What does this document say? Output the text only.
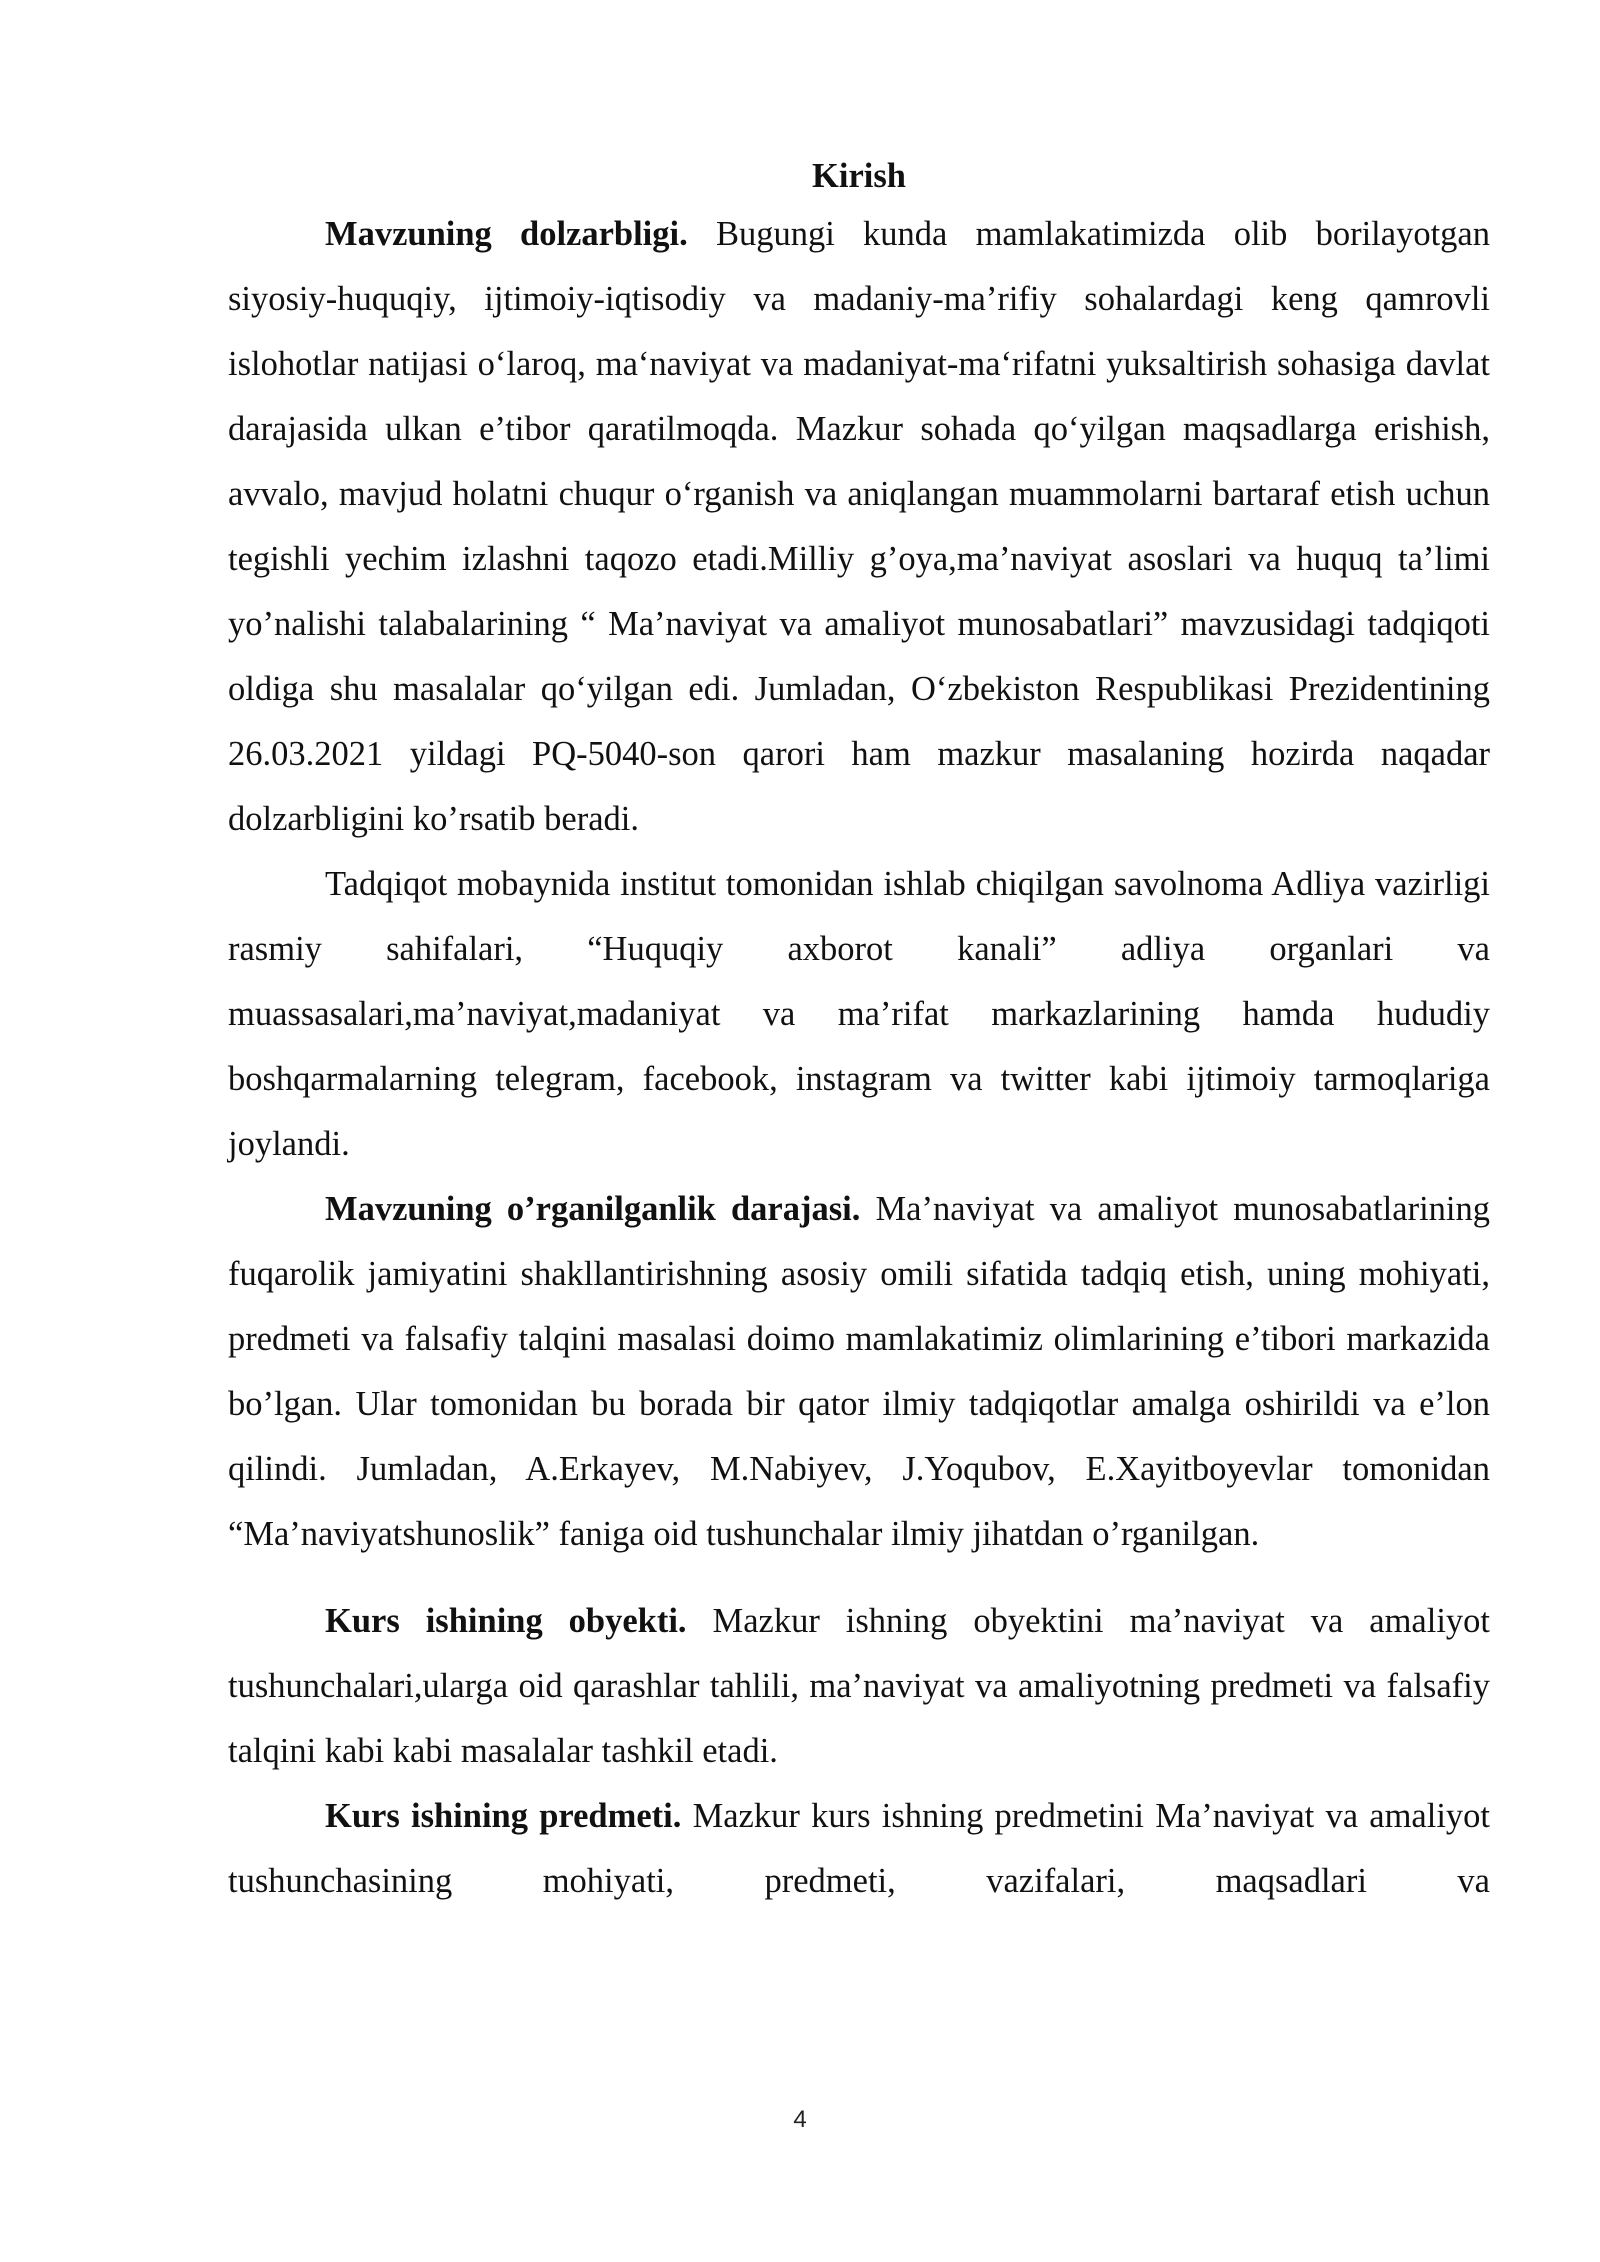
Kirish

Mavzuning dolzarbligi. Bugungi kunda mamlakatimizda olib borilayotgan siyosiy-huquqiy, ijtimoiy-iqtisodiy va madaniy-ma’rifiy sohalardagi keng qamrovli islohotlar natijasi o‘laroq, ma‘naviyat va madaniyat-ma‘rifatni yuksaltirish sohasiga davlat darajasida ulkan e’tibor qaratilmoqda. Mazkur sohada qo‘yilgan maqsadlarga erishish, avvalo, mavjud holatni chuqur o‘rganish va aniqlangan muammolarni bartaraf etish uchun tegishli yechim izlashni taqozo etadi.Milliy g’oya,ma’naviyat asoslari va huquq ta’limi yo’nalishi talabalarining “ Ma’naviyat va amaliyot munosabatlari” mavzusidagi tadqiqoti oldiga shu masalalar qo‘yilgan edi. Jumladan, O‘zbekiston Respublikasi Prezidentining 26.03.2021 yildagi PQ-5040-son qarori ham mazkur masalaning hozirda naqadar dolzarbligini ko’rsatib beradi.

Tadqiqot mobaynida institut tomonidan ishlab chiqilgan savolnoma Adliya vazirligi rasmiy sahifalari, “Huquqiy axborot kanali” adliya organlari va muassasalari,ma’naviyat,madaniyat va ma’rifat markazlarining hamda hududiy boshqarmalarning telegram, facebook, instagram va twitter kabi ijtimoiy tarmoqlariga joylandi.

Mavzuning o’rganilganlik darajasi. Ma’naviyat va amaliyot munosabatlarining fuqarolik jamiyatini shakllantirishning asosiy omili sifatida tadqiq etish, uning mohiyati, predmeti va falsafiy talqini masalasi doimo mamlakatimiz olimlarining e’tibori markazida bo’lgan. Ular tomonidan bu borada bir qator ilmiy tadqiqotlar amalga oshirildi va e’lon qilindi. Jumladan, A.Erkayev, M.Nabiyev, J.Yoqubov, E.Xayitboyevlar tomonidan “Ma’naviyatshunoslik” faniga oid tushunchalar ilmiy jihatdan o’rganilgan.

Kurs ishining obyekti. Mazkur ishning obyektini ma’naviyat va amaliyot tushunchalari,ularga oid qarashlar tahlili, ma’naviyat va amaliyotning predmeti va falsafiy talqini kabi kabi masalalar tashkil etadi.

Kurs ishining predmeti. Mazkur kurs ishning predmetini Ma’naviyat va amaliyot tushunchasining mohiyati, predmeti, vazifalari, maqsadlari va

4
